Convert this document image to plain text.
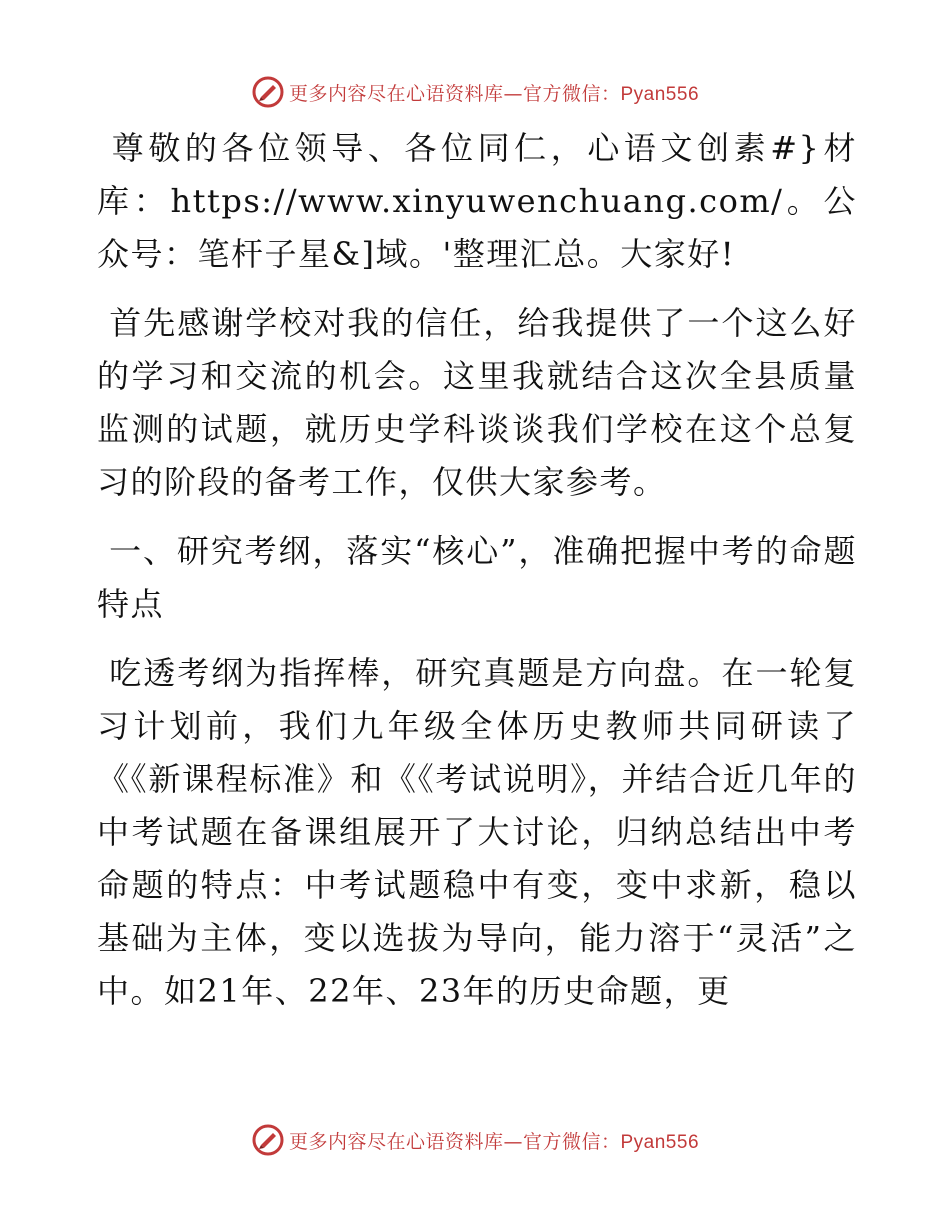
更多内容尽在心语资料库—官方微信：Pyan556

尊敬的各位领导、各位同仁，心语文创素#}材库：https://www.xinyuwenchuang.com/。公众号：笔杆子星&]域。'整理汇总。大家好!

首先感谢学校对我的信任，给我提供了一个这么好的学习和交流的机会。这里我就结合这次全县质量监测的试题，就历史学科谈谈我们学校在这个总复习的阶段的备考工作，仅供大家参考。

一、研究考纲，落实“核心”，准确把握中考的命题特点

吃透考纲为指挥棒，研究真题是方向盘。在一轮复习计划前，我们九年级全体历史教师共同研读了《《新课程标准》和《《考试说明》，并结合近几年的中考试题在备课组展开了大讨论，归纳总结出中考命题的特点：中考试题稳中有变，变中求新，稳以基础为主体，变以选拔为导向，能力溶于“灵活”之中。如21年、22年、23年的历史命题，更

更多内容尽在心语资料库—官方微信：Pyan556
